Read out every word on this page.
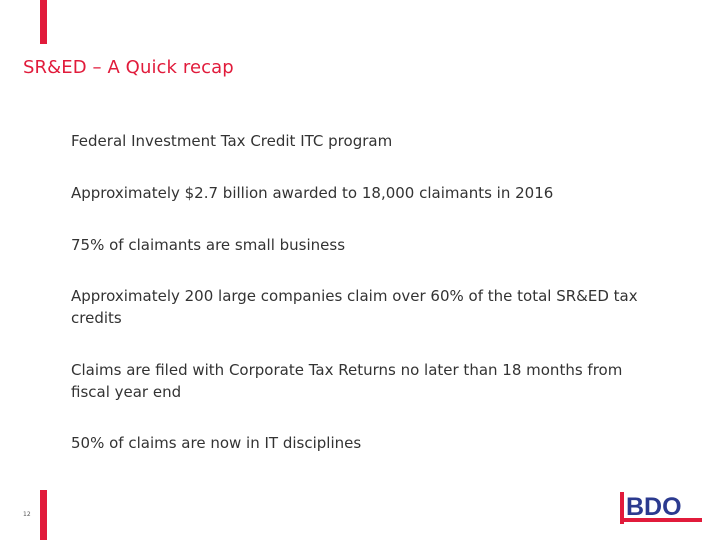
SR&ED – A Quick recap
Federal Investment Tax Credit ITC program
Approximately $2.7 billion awarded to 18,000 claimants in 2016
75% of claimants are small business
Approximately 200 large companies claim over 60% of the total SR&ED tax credits
Claims are filed with Corporate Tax Returns no later than 18 months from fiscal year end
50% of claims are now in IT disciplines
12	BDO
